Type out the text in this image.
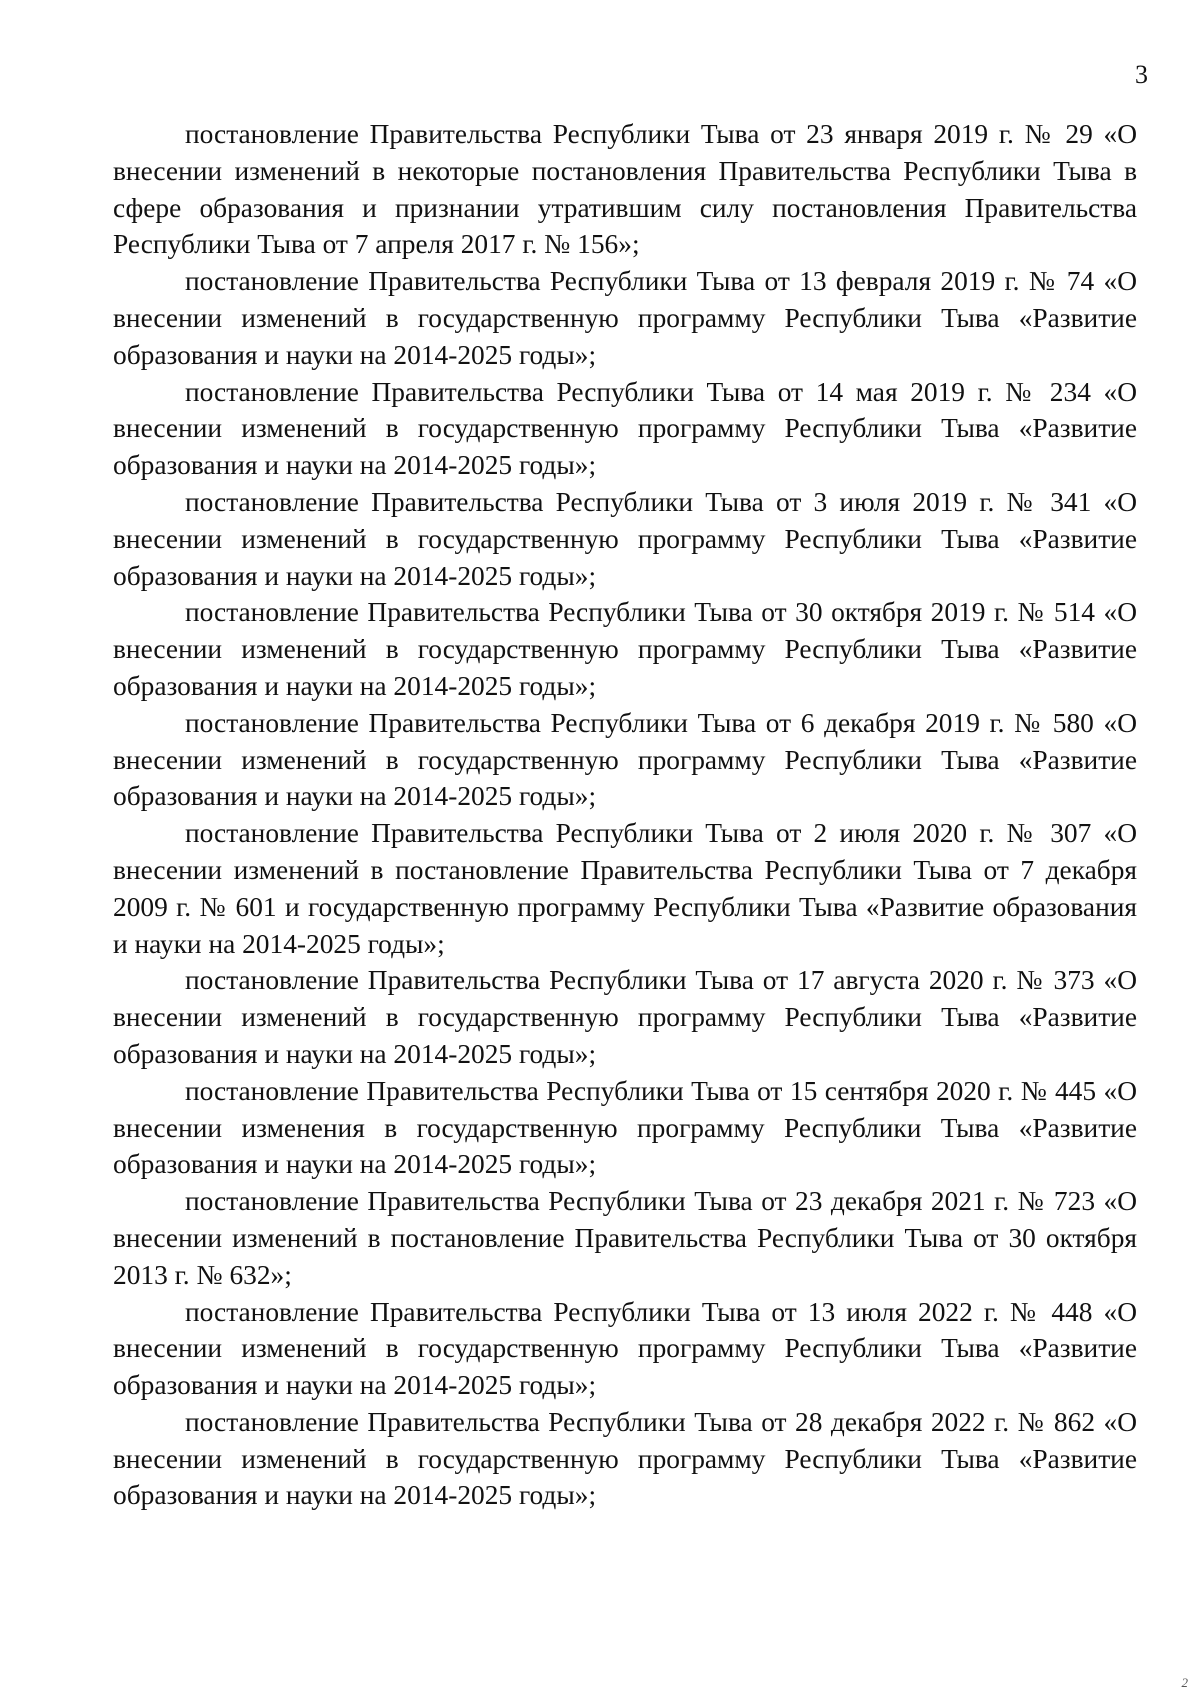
3

постановление Правительства Республики Тыва от 23 января 2019 г. № 29 «О внесении изменений в некоторые постановления Правительства Республики Тыва в сфере образования и признании утратившим силу постановления Правительства Республики Тыва от 7 апреля 2017 г. № 156»;

постановление Правительства Республики Тыва от 13 февраля 2019 г. № 74 «О внесении изменений в государственную программу Республики Тыва «Развитие образования и науки на 2014-2025 годы»;

постановление Правительства Республики Тыва от 14 мая 2019 г. № 234 «О внесении изменений в государственную программу Республики Тыва «Развитие образования и науки на 2014-2025 годы»;

постановление Правительства Республики Тыва от 3 июля 2019 г. № 341 «О внесении изменений в государственную программу Республики Тыва «Развитие образования и науки на 2014-2025 годы»;

постановление Правительства Республики Тыва от 30 октября 2019 г. № 514 «О внесении изменений в государственную программу Республики Тыва «Развитие образования и науки на 2014-2025 годы»;

постановление Правительства Республики Тыва от 6 декабря 2019 г. № 580 «О внесении изменений в государственную программу Республики Тыва «Развитие образования и науки на 2014-2025 годы»;

постановление Правительства Республики Тыва от 2 июля 2020 г. № 307 «О внесении изменений в постановление Правительства Республики Тыва от 7 декабря 2009 г. № 601 и государственную программу Республики Тыва «Развитие образования и науки на 2014-2025 годы»;

постановление Правительства Республики Тыва от 17 августа 2020 г. № 373 «О внесении изменений в государственную программу Республики Тыва «Развитие образования и науки на 2014-2025 годы»;

постановление Правительства Республики Тыва от 15 сентября 2020 г. № 445 «О внесении изменения в государственную программу Республики Тыва «Развитие образования и науки на 2014-2025 годы»;

постановление Правительства Республики Тыва от 23 декабря 2021 г. № 723 «О внесении изменений в постановление Правительства Республики Тыва от 30 октября 2013 г. № 632»;

постановление Правительства Республики Тыва от 13 июля 2022 г. № 448 «О внесении изменений в государственную программу Республики Тыва «Развитие образования и науки на 2014-2025 годы»;

постановление Правительства Республики Тыва от 28 декабря 2022 г. № 862 «О внесении изменений в государственную программу Республики Тыва «Развитие образования и науки на 2014-2025 годы»;

2
